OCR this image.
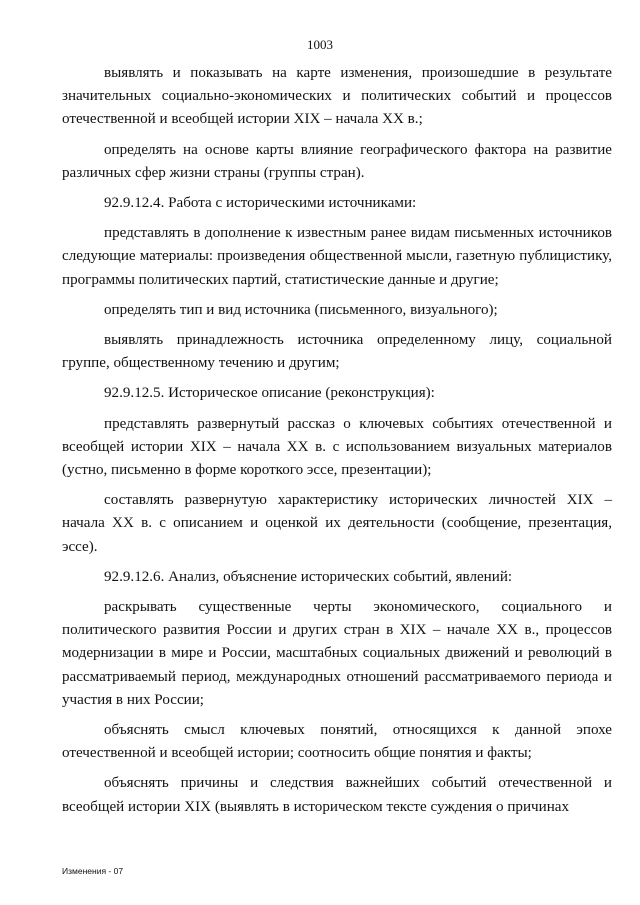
1003

выявлять и показывать на карте изменения, произошедшие в результате значительных социально-экономических и политических событий и процессов отечественной и всеобщей истории XIX – начала XX в.;

определять на основе карты влияние географического фактора на развитие различных сфер жизни страны (группы стран).

92.9.12.4. Работа с историческими источниками:

представлять в дополнение к известным ранее видам письменных источников следующие материалы: произведения общественной мысли, газетную публицистику, программы политических партий, статистические данные и другие;

определять тип и вид источника (письменного, визуального);

выявлять принадлежность источника определенному лицу, социальной группе, общественному течению и другим;

92.9.12.5. Историческое описание (реконструкция):

представлять развернутый рассказ о ключевых событиях отечественной и всеобщей истории XIX – начала XX в. с использованием визуальных материалов (устно, письменно в форме короткого эссе, презентации);

составлять развернутую характеристику исторических личностей XIX – начала XX в. с описанием и оценкой их деятельности (сообщение, презентация, эссе).

92.9.12.6. Анализ, объяснение исторических событий, явлений:

раскрывать существенные черты экономического, социального и политического развития России и других стран в XIX – начале XX в., процессов модернизации в мире и России, масштабных социальных движений и революций в рассматриваемый период, международных отношений рассматриваемого периода и участия в них России;

объяснять смысл ключевых понятий, относящихся к данной эпохе отечественной и всеобщей истории; соотносить общие понятия и факты;

объяснять причины и следствия важнейших событий отечественной и всеобщей истории XIX (выявлять в историческом тексте суждения о причинах

Изменения - 07
